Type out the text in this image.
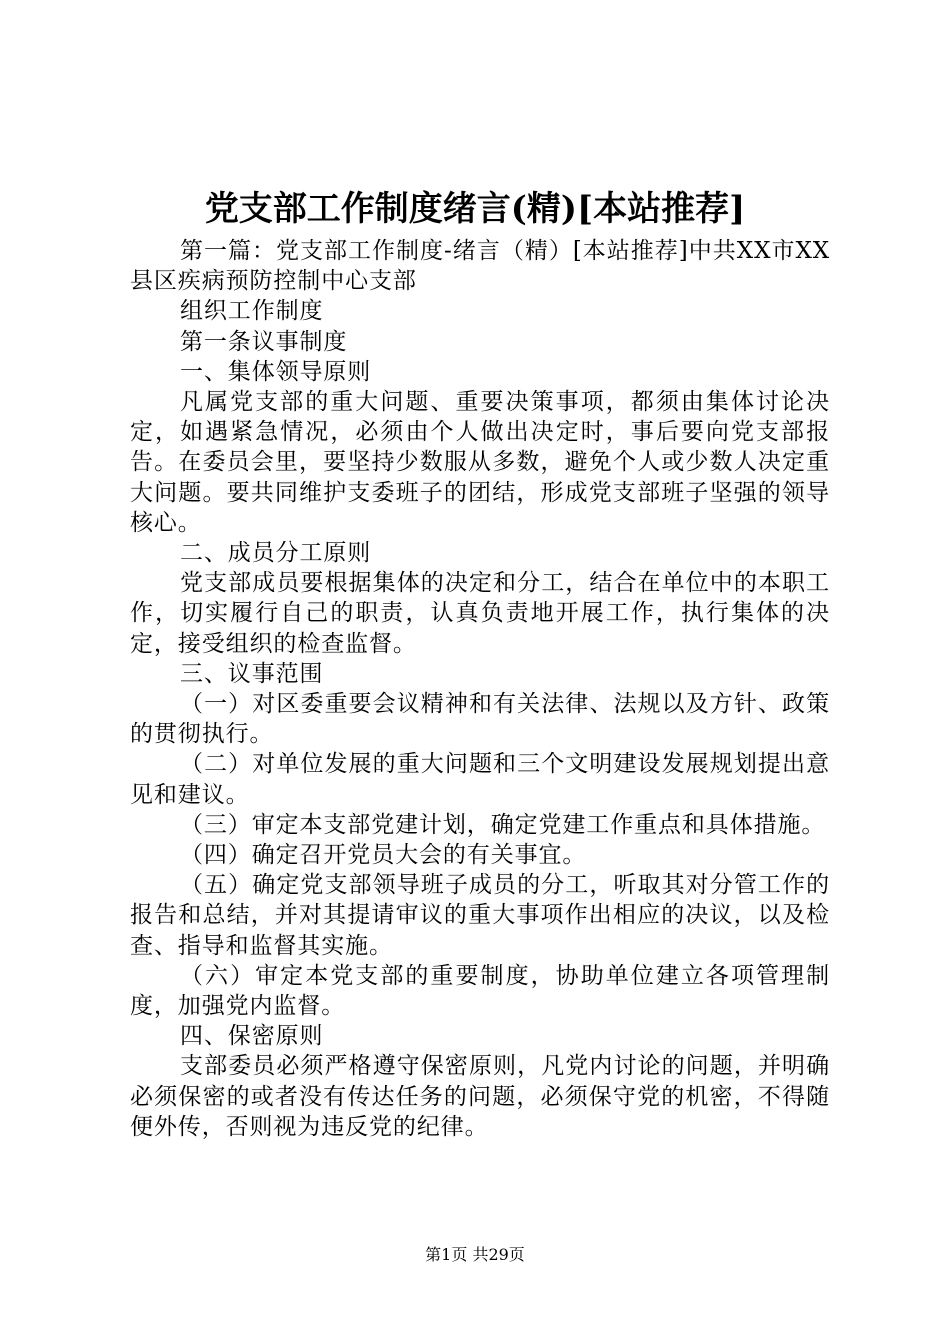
党支部工作制度绪言(精)[本站推荐]

第一篇：党支部工作制度-绪言（精）[本站推荐]中共XX市XX县区疾病预防控制中心支部

组织工作制度

第一条议事制度

一、集体领导原则

凡属党支部的重大问题、重要决策事项，都须由集体讨论决定，如遇紧急情况，必须由个人做出决定时，事后要向党支部报告。在委员会里，要坚持少数服从多数，避免个人或少数人决定重大问题。要共同维护支委班子的团结，形成党支部班子坚强的领导核心。

二、成员分工原则

党支部成员要根据集体的决定和分工，结合在单位中的本职工作，切实履行自己的职责，认真负责地开展工作，执行集体的决定，接受组织的检查监督。

三、议事范围

（一）对区委重要会议精神和有关法律、法规以及方针、政策的贯彻执行。

（二）对单位发展的重大问题和三个文明建设发展规划提出意见和建议。

（三）审定本支部党建计划，确定党建工作重点和具体措施。

（四）确定召开党员大会的有关事宜。

（五）确定党支部领导班子成员的分工，听取其对分管工作的报告和总结，并对其提请审议的重大事项作出相应的决议，以及检查、指导和监督其实施。

（六）审定本党支部的重要制度，协助单位建立各项管理制度，加强党内监督。

四、保密原则

支部委员必须严格遵守保密原则，凡党内讨论的问题，并明确必须保密的或者没有传达任务的问题，必须保守党的机密，不得随便外传，否则视为违反党的纪律。

第1页 共29页
